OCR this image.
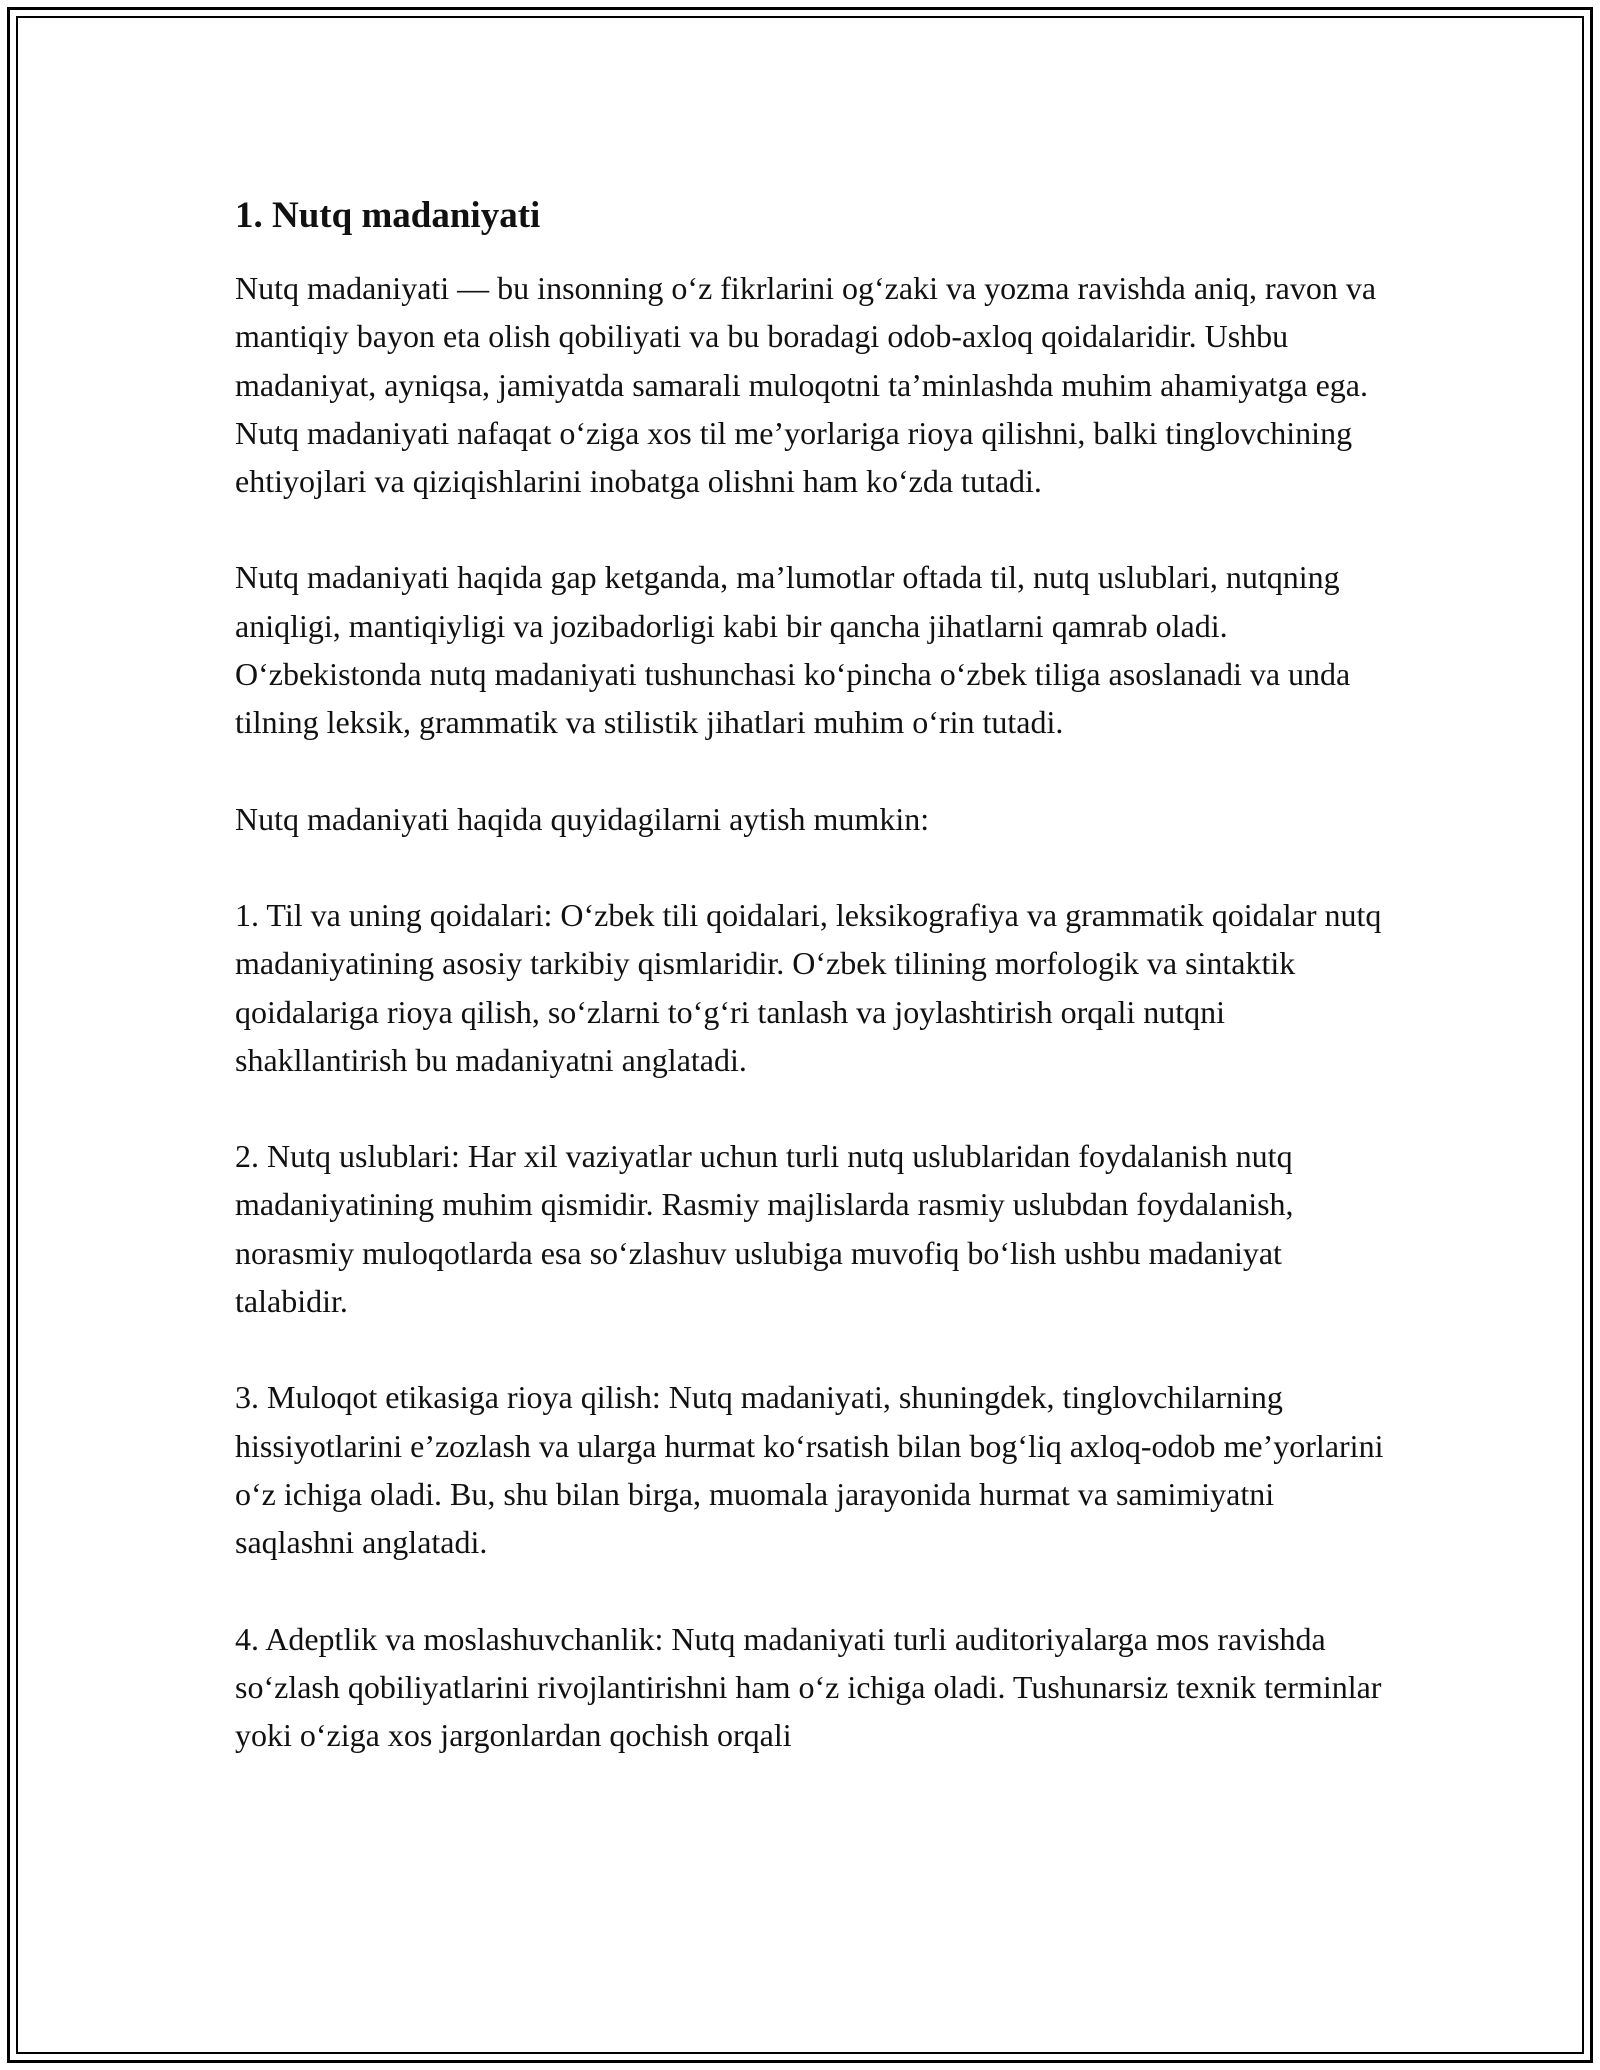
1. Nutq madaniyati

Nutq madaniyati — bu insonning o‘z fikrlarini og‘zaki va yozma ravishda aniq, ravon va mantiqiy bayon eta olish qobiliyati va bu boradagi odob-axloq qoidalaridir. Ushbu madaniyat, ayniqsa, jamiyatda samarali muloqotni ta’minlashda muhim ahamiyatga ega. Nutq madaniyati nafaqat o‘ziga xos til me’yorlariga rioya qilishni, balki tinglovchining ehtiyojlari va qiziqishlarini inobatga olishni ham ko‘zda tutadi.

Nutq madaniyati haqida gap ketganda, ma’lumotlar oftada til, nutq uslublari, nutqning aniqligi, mantiqiyligi va jozibadorligi kabi bir qancha jihatlarni qamrab oladi. O‘zbekistonda nutq madaniyati tushunchasi ko‘pincha o‘zbek tiliga asoslanadi va unda tilning leksik, grammatik va stilistik jihatlari muhim o‘rin tutadi.

Nutq madaniyati haqida quyidagilarni aytish mumkin:

1. Til va uning qoidalari: O‘zbek tili qoidalari, leksikografiya va grammatik qoidalar nutq madaniyatining asosiy tarkibiy qismlaridir. O‘zbek tilining morfologik va sintaktik qoidalariga rioya qilish, so‘zlarni to‘g‘ri tanlash va joylashtirish orqali nutqni shakllantirish bu madaniyatni anglatadi.

2. Nutq uslublari: Har xil vaziyatlar uchun turli nutq uslublaridan foydalanish nutq madaniyatining muhim qismidir. Rasmiy majlislarda rasmiy uslubdan foydalanish, norasmiy muloqotlarda esa so‘zlashuv uslubiga muvofiq bo‘lish ushbu madaniyat talabidir.

3. Muloqot etikasiga rioya qilish: Nutq madaniyati, shuningdek, tinglovchilarning hissiyotlarini e’zozlash va ularga hurmat ko‘rsatish bilan bog‘liq axloq-odob me’yorlarini o‘z ichiga oladi. Bu, shu bilan birga, muomala jarayonida hurmat va samimiyatni saqlashni anglatadi.

4. Adeptlik va moslashuvchanlik: Nutq madaniyati turli auditoriyalarga mos ravishda so‘zlash qobiliyatlarini rivojlantirishni ham o‘z ichiga oladi. Tushunarsiz texnik terminlar yoki o‘ziga xos jargonlardan qochish orqali
